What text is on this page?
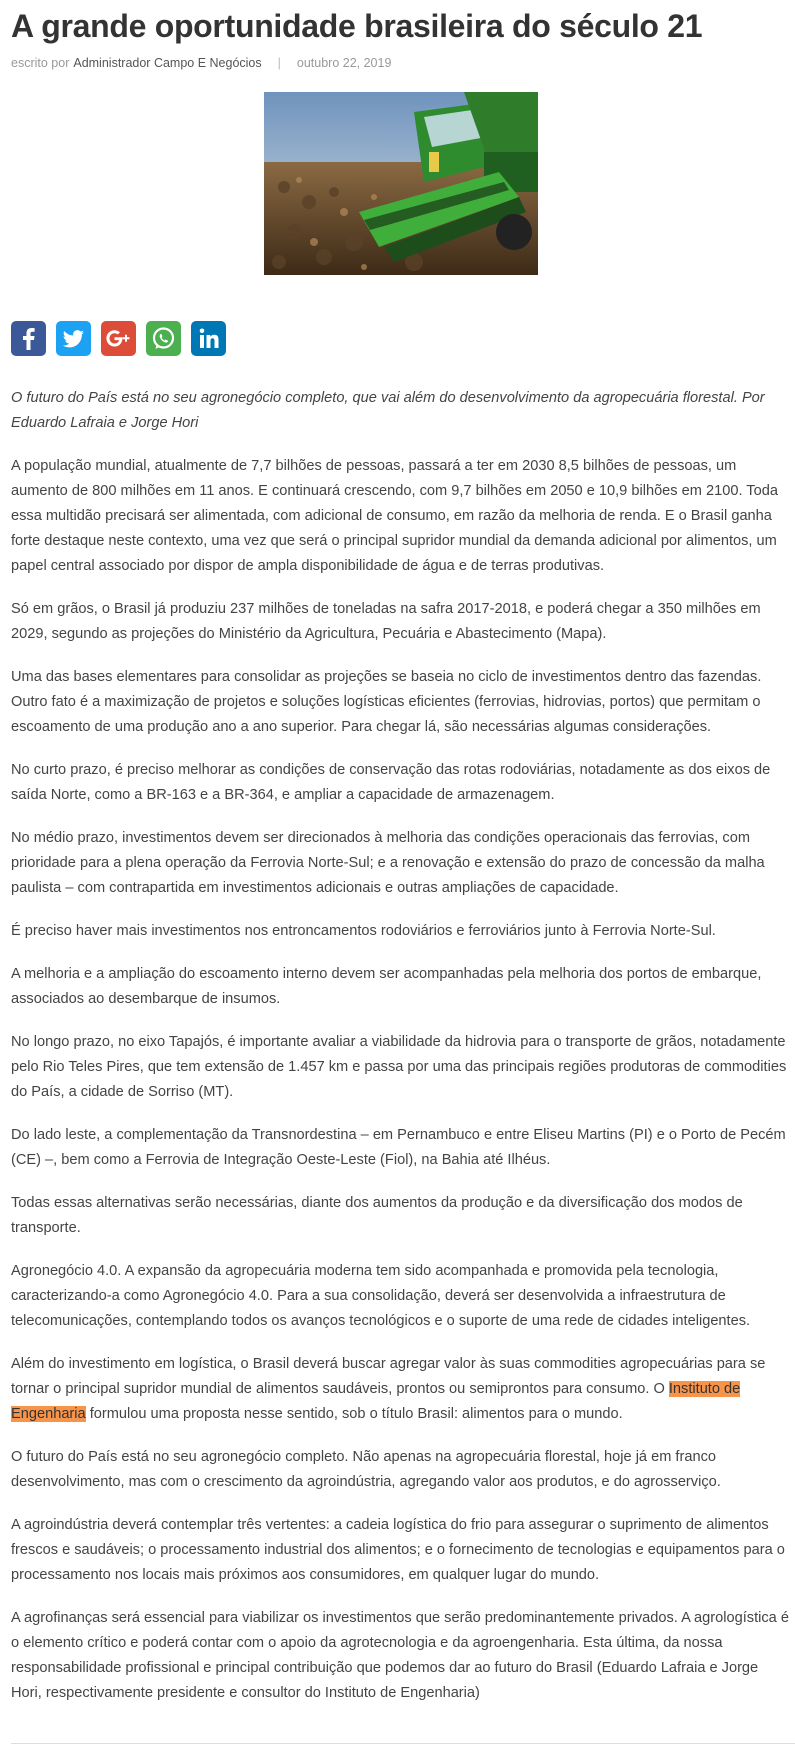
A grande oportunidade brasileira do século 21
escrito por Administrador Campo E Negócios | outubro 22, 2019

O futuro do País está no seu agronegócio completo, que vai além do desenvolvimento da agropecuária florestal. Por Eduardo Lafraia e Jorge Hori

A população mundial, atualmente de 7,7 bilhões de pessoas, passará a ter em 2030 8,5 bilhões de pessoas, um aumento de 800 milhões em 11 anos. E continuará crescendo, com 9,7 bilhões em 2050 e 10,9 bilhões em 2100. Toda essa multidão precisará ser alimentada, com adicional de consumo, em razão da melhoria de renda. E o Brasil ganha forte destaque neste contexto, uma vez que será o principal supridor mundial da demanda adicional por alimentos, um papel central associado por dispor de ampla disponibilidade de água e de terras produtivas.

Só em grãos, o Brasil já produziu 237 milhões de toneladas na safra 2017-2018, e poderá chegar a 350 milhões em 2029, segundo as projeções do Ministério da Agricultura, Pecuária e Abastecimento (Mapa).

Uma das bases elementares para consolidar as projeções se baseia no ciclo de investimentos dentro das fazendas. Outro fato é a maximização de projetos e soluções logísticas eficientes (ferrovias, hidrovias, portos) que permitam o escoamento de uma produção ano a ano superior. Para chegar lá, são necessárias algumas considerações.

No curto prazo, é preciso melhorar as condições de conservação das rotas rodoviárias, notadamente as dos eixos de saída Norte, como a BR-163 e a BR-364, e ampliar a capacidade de armazenagem.

No médio prazo, investimentos devem ser direcionados à melhoria das condições operacionais das ferrovias, com prioridade para a plena operação da Ferrovia Norte-Sul; e a renovação e extensão do prazo de concessão da malha paulista – com contrapartida em investimentos adicionais e outras ampliações de capacidade.

É preciso haver mais investimentos nos entroncamentos rodoviários e ferroviários junto à Ferrovia Norte-Sul.

A melhoria e a ampliação do escoamento interno devem ser acompanhadas pela melhoria dos portos de embarque, associados ao desembarque de insumos.

No longo prazo, no eixo Tapajós, é importante avaliar a viabilidade da hidrovia para o transporte de grãos, notadamente pelo Rio Teles Pires, que tem extensão de 1.457 km e passa por uma das principais regiões produtoras de commodities do País, a cidade de Sorriso (MT).

Do lado leste, a complementação da Transnordestina – em Pernambuco e entre Eliseu Martins (PI) e o Porto de Pecém (CE) –, bem como a Ferrovia de Integração Oeste-Leste (Fiol), na Bahia até Ilhéus.

Todas essas alternativas serão necessárias, diante dos aumentos da produção e da diversificação dos modos de transporte.

Agronegócio 4.0. A expansão da agropecuária moderna tem sido acompanhada e promovida pela tecnologia, caracterizando-a como Agronegócio 4.0. Para a sua consolidação, deverá ser desenvolvida a infraestrutura de telecomunicações, contemplando todos os avanços tecnológicos e o suporte de uma rede de cidades inteligentes.

Além do investimento em logística, o Brasil deverá buscar agregar valor às suas commodities agropecuárias para se tornar o principal supridor mundial de alimentos saudáveis, prontos ou semiprontos para consumo. O Instituto de Engenharia formulou uma proposta nesse sentido, sob o título Brasil: alimentos para o mundo.

O futuro do País está no seu agronegócio completo. Não apenas na agropecuária florestal, hoje já em franco desenvolvimento, mas com o crescimento da agroindústria, agregando valor aos produtos, e do agrosserviço.

A agroindústria deverá contemplar três vertentes: a cadeia logística do frio para assegurar o suprimento de alimentos frescos e saudáveis; o processamento industrial dos alimentos; e o fornecimento de tecnologias e equipamentos para o processamento nos locais mais próximos aos consumidores, em qualquer lugar do mundo.

A agrofinanças será essencial para viabilizar os investimentos que serão predominantemente privados. A agrologística é o elemento crítico e poderá contar com o apoio da agrotecnologia e da agroengenharia. Esta última, da nossa responsabilidade profissional e principal contribuição que podemos dar ao futuro do Brasil (Eduardo Lafraia e Jorge Hori, respectivamente presidente e consultor do Instituto de Engenharia)
